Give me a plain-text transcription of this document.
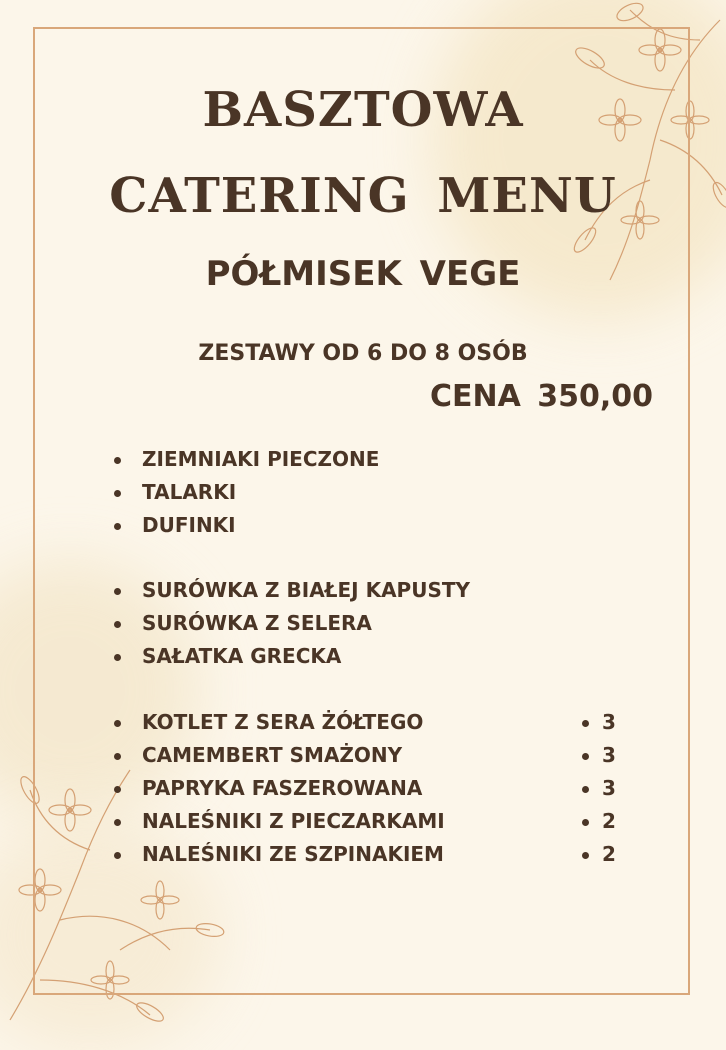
BASZTOWA
CATERING MENU
PÓŁMISEK VEGE
ZESTAWY OD 6 DO 8 OSÓB
CENA 350,00
ZIEMNIAKI PIECZONE
TALARKI
DUFINKI
SURÓWKA Z BIAŁEJ KAPUSTY
SURÓWKA Z SELERA
SAŁATKA GRECKA
KOTLET Z SERA ŻÓŁTEGO	3
CAMEMBERT SMAŻONY	3
PAPRYKA FASZEROWANA	3
NALEŚNIKI Z PIECZARKAMI	2
NALEŚNIKI ZE SZPINAKIEM	2
